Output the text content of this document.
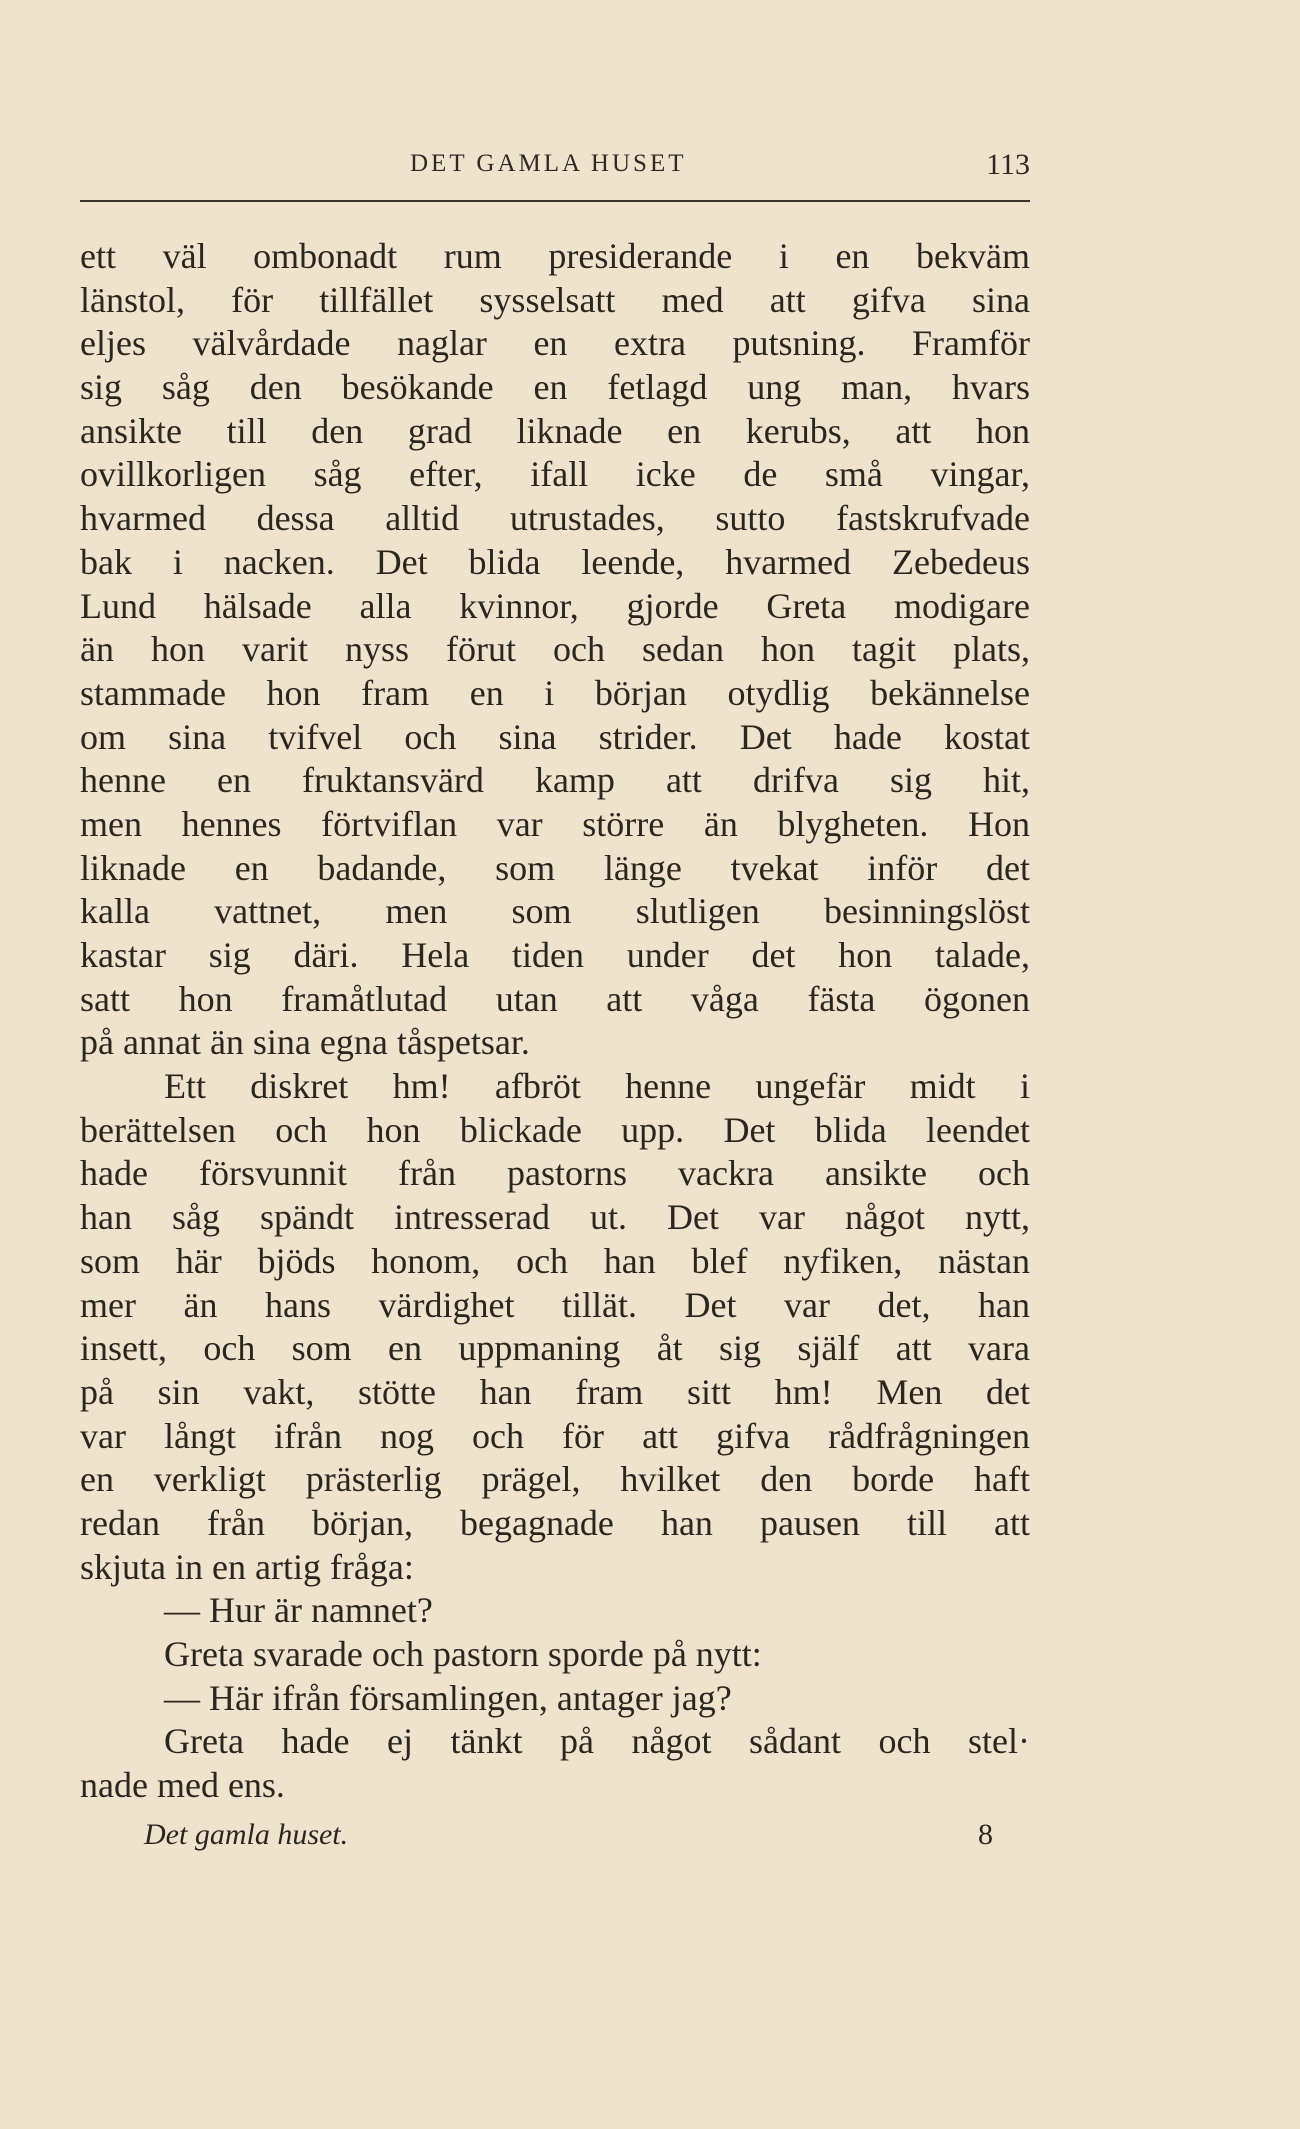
DET GAMLA HUSET	113
ett väl ombonadt rum presiderande i en bekväm
länstol, för tillfället sysselsatt med att gifva sina
eljes välvårdade naglar en extra putsning. Framför
sig såg den besökande en fetlagd ung man, hvars
ansikte till den grad liknade en kerubs, att hon
ovillkorligen såg efter, ifall icke de små vingar,
hvarmed dessa alltid utrustades, sutto fastskrufvade
bak i nacken. Det blida leende, hvarmed Zebedeus
Lund hälsade alla kvinnor, gjorde Greta modigare
än hon varit nyss förut och sedan hon tagit plats,
stammade hon fram en i början otydlig bekännelse
om sina tvifvel och sina strider. Det hade kostat
henne en fruktansvärd kamp att drifva sig hit,
men hennes förtviflan var större än blygheten. Hon
liknade en badande, som länge tvekat inför det
kalla vattnet, men som slutligen besinningslöst
kastar sig däri. Hela tiden under det hon talade,
satt hon framåtlutad utan att våga fästa ögonen
på annat än sina egna tåspetsar.
Ett diskret hm! afbröt henne ungefär midt i
berättelsen och hon blickade upp. Det blida leendet
hade försvunnit från pastorns vackra ansikte och
han såg spändt intresserad ut. Det var något nytt,
som här bjöds honom, och han blef nyfiken, nästan
mer än hans värdighet tillät. Det var det, han
insett, och som en uppmaning åt sig själf att vara
på sin vakt, stötte han fram sitt hm! Men det
var långt ifrån nog och för att gifva rådfrågningen
en verkligt prästerlig prägel, hvilket den borde haft
redan från början, begagnade han pausen till att
skjuta in en artig fråga:
— Hur är namnet?
Greta svarade och pastorn sporde på nytt:
— Här ifrån församlingen, antager jag?
Greta hade ej tänkt på något sådant och stel·
nade med ens.
Det gamla huset.	8
